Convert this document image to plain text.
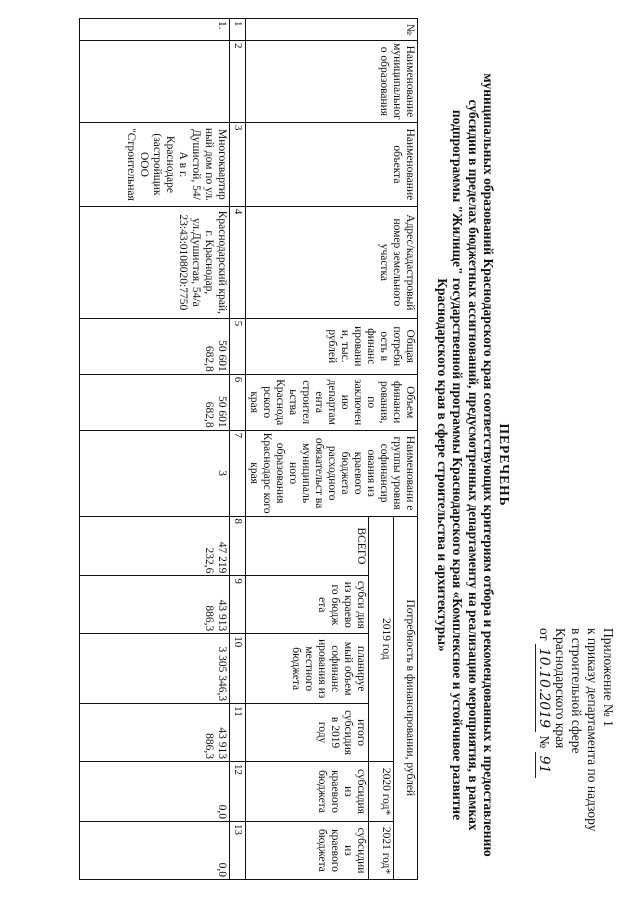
Приложение № 1
к приказу департамента по надзору
в строительной сфере
Краснодарского края
от 10.10.2019 № 91
ПЕРЕЧЕНЬ
муниципальных образований Краснодарского края соответствующих критериям отбора и рекомендованных к предоставлению
субсидии в пределах бюджетных ассигнований, предусмотренных департаменту на реализацию мероприятия, в рамках
подпрограммы "Жилище" государственной программы Краснодарского края «Комплексное и устойчивое развитие
Краснодарского края в сфере строительства и архитектуры»
№	Наименование муниципальног о образования	Наименование объекта	Адрес/кадастровый номер земельного участка	Общая потребн ость в финанс ировани и, тыс. рублей	Объем финанси рования, по заключен ию департам ента строител ьства Краснода рского края	Наименовани е группы уровня софинансир ования из краевого бюджета расходного обязательст ва муниципаль ного образования Краснодарс кого края	Потребность в финансировании, рублей					
							2019 год				2020 год*	2021 год*
							ВСЕГО	субси дия из краево го бюдж ета	планируе мый объем софинанс ирования из местного бюджета	итого субсидия в 2019 году	субсидия из краевого бюджета	субсидии из краевого бюджета
1	2	3	4	5	6	7	8	9	10	11	12	13
1.		Многоквартир ный дом по ул. Душистой, 54/А в г. Краснодаре (застройщик ООО "Строительная	Краснодарский край, г. Краснодар, ул.Душистая, 54/а 23:43:0108020:7750	50 601 682,8	50 601 682,8	3	47 219 232,6	43 913 886,3	3 305 346,3	43 913 886,3	0,0	0,0
